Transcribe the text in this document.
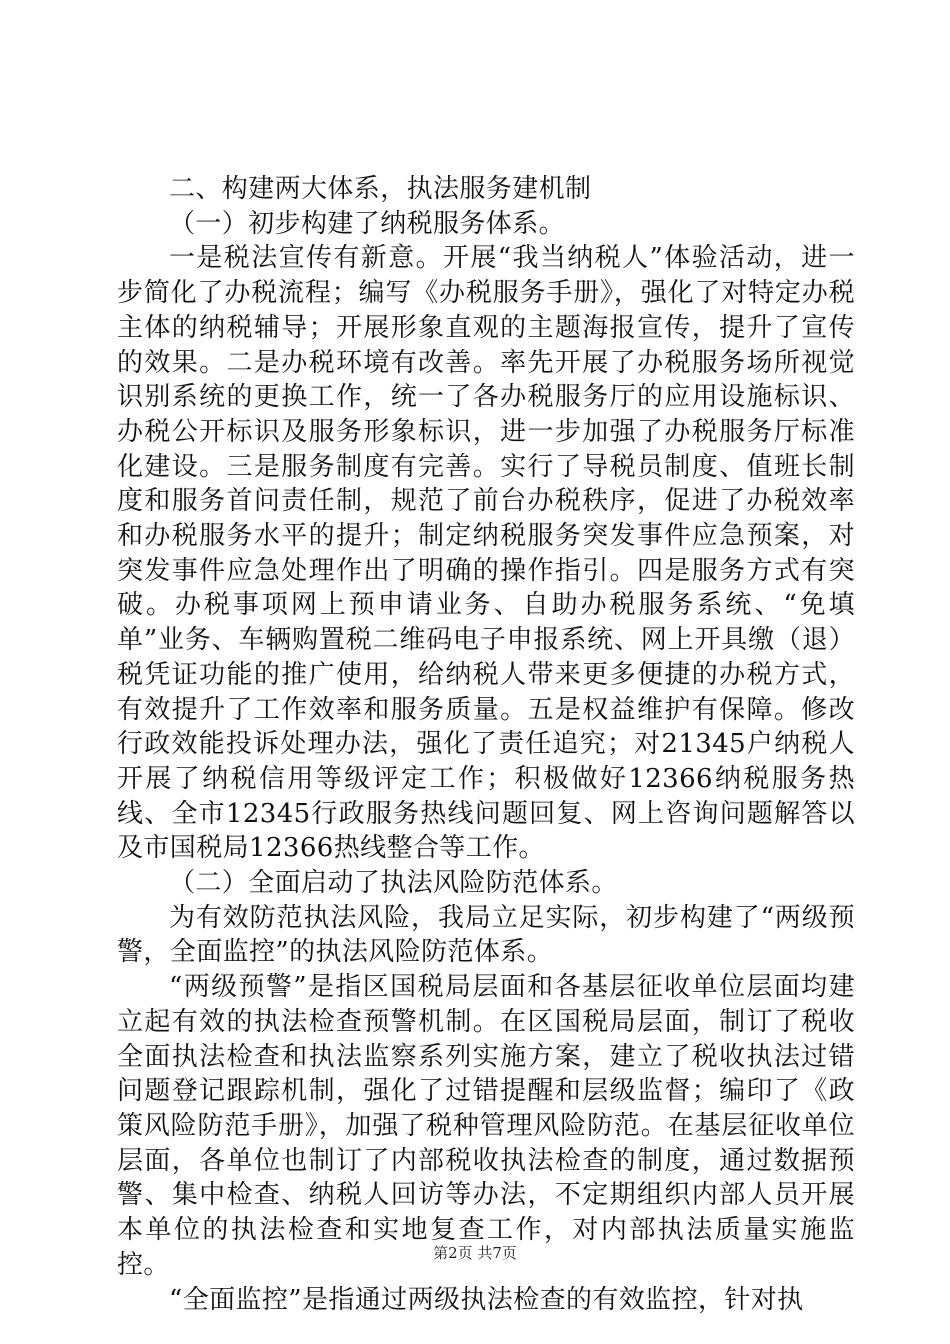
二、构建两大体系，执法服务建机制

（一）初步构建了纳税服务体系。

一是税法宣传有新意。开展“我当纳税人”体验活动，进一步简化了办税流程；编写《办税服务手册》，强化了对特定办税主体的纳税辅导；开展形象直观的主题海报宣传，提升了宣传的效果。二是办税环境有改善。率先开展了办税服务场所视觉识别系统的更换工作，统一了各办税服务厅的应用设施标识、办税公开标识及服务形象标识，进一步加强了办税服务厅标准化建设。三是服务制度有完善。实行了导税员制度、值班长制度和服务首问责任制，规范了前台办税秩序，促进了办税效率和办税服务水平的提升；制定纳税服务突发事件应急预案，对突发事件应急处理作出了明确的操作指引。四是服务方式有突破。办税事项网上预申请业务、自助办税服务系统、“免填单”业务、车辆购置税二维码电子申报系统、网上开具缴（退）税凭证功能的推广使用，给纳税人带来更多便捷的办税方式，有效提升了工作效率和服务质量。五是权益维护有保障。修改行政效能投诉处理办法，强化了责任追究；对21345户纳税人开展了纳税信用等级评定工作；积极做好12366纳税服务热线、全市12345行政服务热线问题回复、网上咨询问题解答以及市国税局12366热线整合等工作。

（二）全面启动了执法风险防范体系。

为有效防范执法风险，我局立足实际，初步构建了“两级预警，全面监控”的执法风险防范体系。

“两级预警”是指区国税局层面和各基层征收单位层面均建立起有效的执法检查预警机制。在区国税局层面，制订了税收全面执法检查和执法监察系列实施方案，建立了税收执法过错问题登记跟踪机制，强化了过错提醒和层级监督；编印了《政策风险防范手册》，加强了税种管理风险防范。在基层征收单位层面，各单位也制订了内部税收执法检查的制度，通过数据预警、集中检查、纳税人回访等办法，不定期组织内部人员开展本单位的执法检查和实地复查工作，对内部执法质量实施监控。

“全面监控”是指通过两级执法检查的有效监控，针对执

第2页 共7页
